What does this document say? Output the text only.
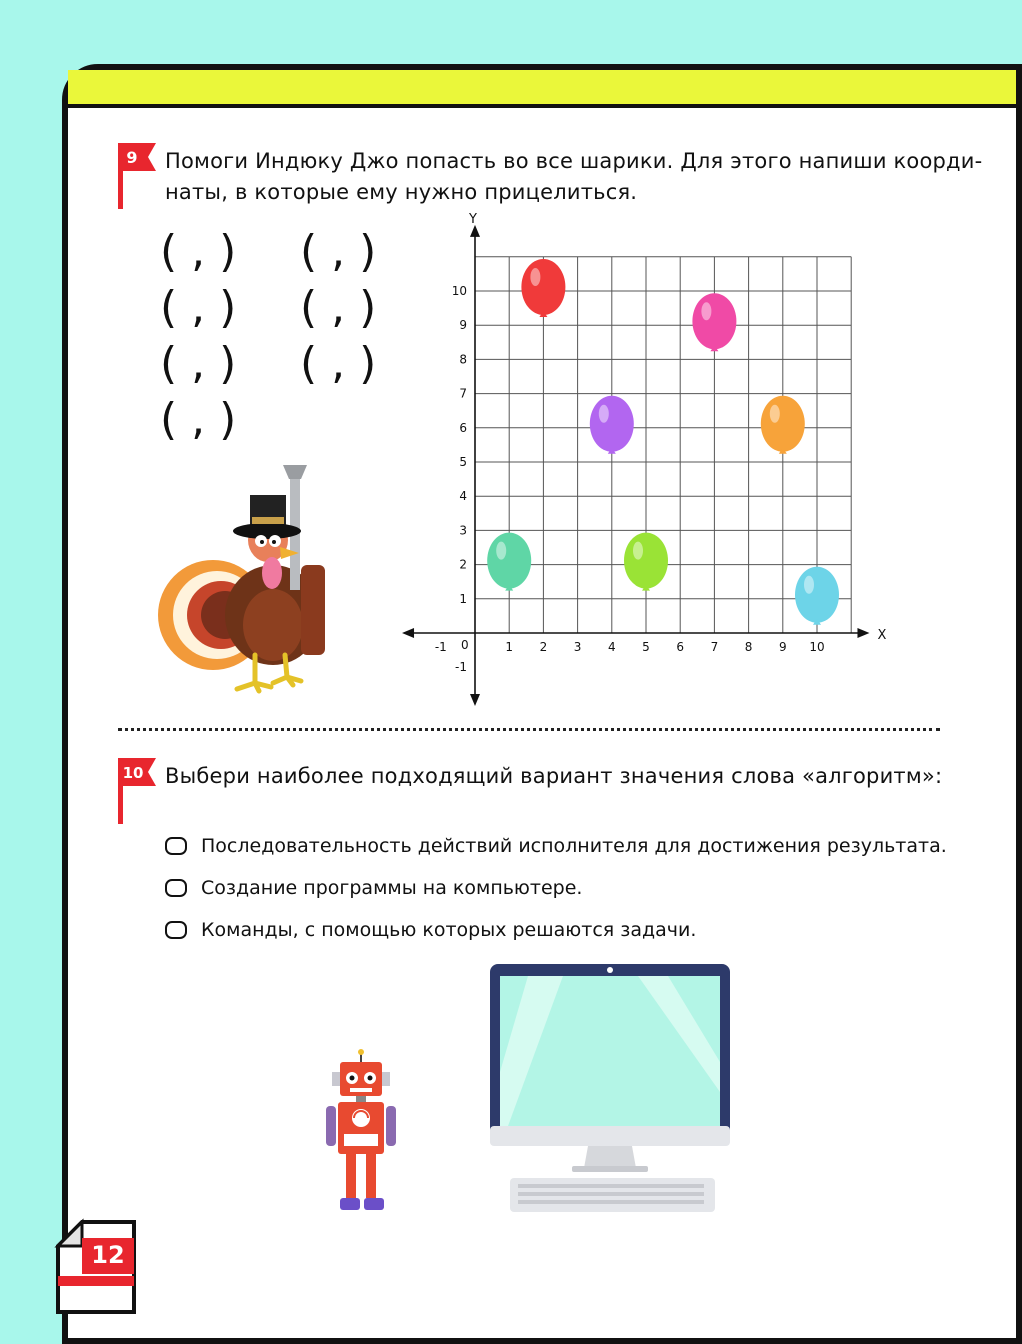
9	Помоги Индюку Джо попасть во все шарики. Для этого напиши коорди-
наты, в которые ему нужно прицелиться.
( , ) ( , )
( , ) ( , )
( , ) ( , )
( , )
X
Y
0
-1	1 2 3 4 5 6 7 8 9 10
-1
1
2
3
4
5
6
7
8
9
10
10 Выбери наиболее подходящий вариант значения слова «алгоритм»:
Последовательность действий исполнителя для достижения результата.
Создание программы на компьютере.
Команды, с помощью которых решаются задачи.
12
